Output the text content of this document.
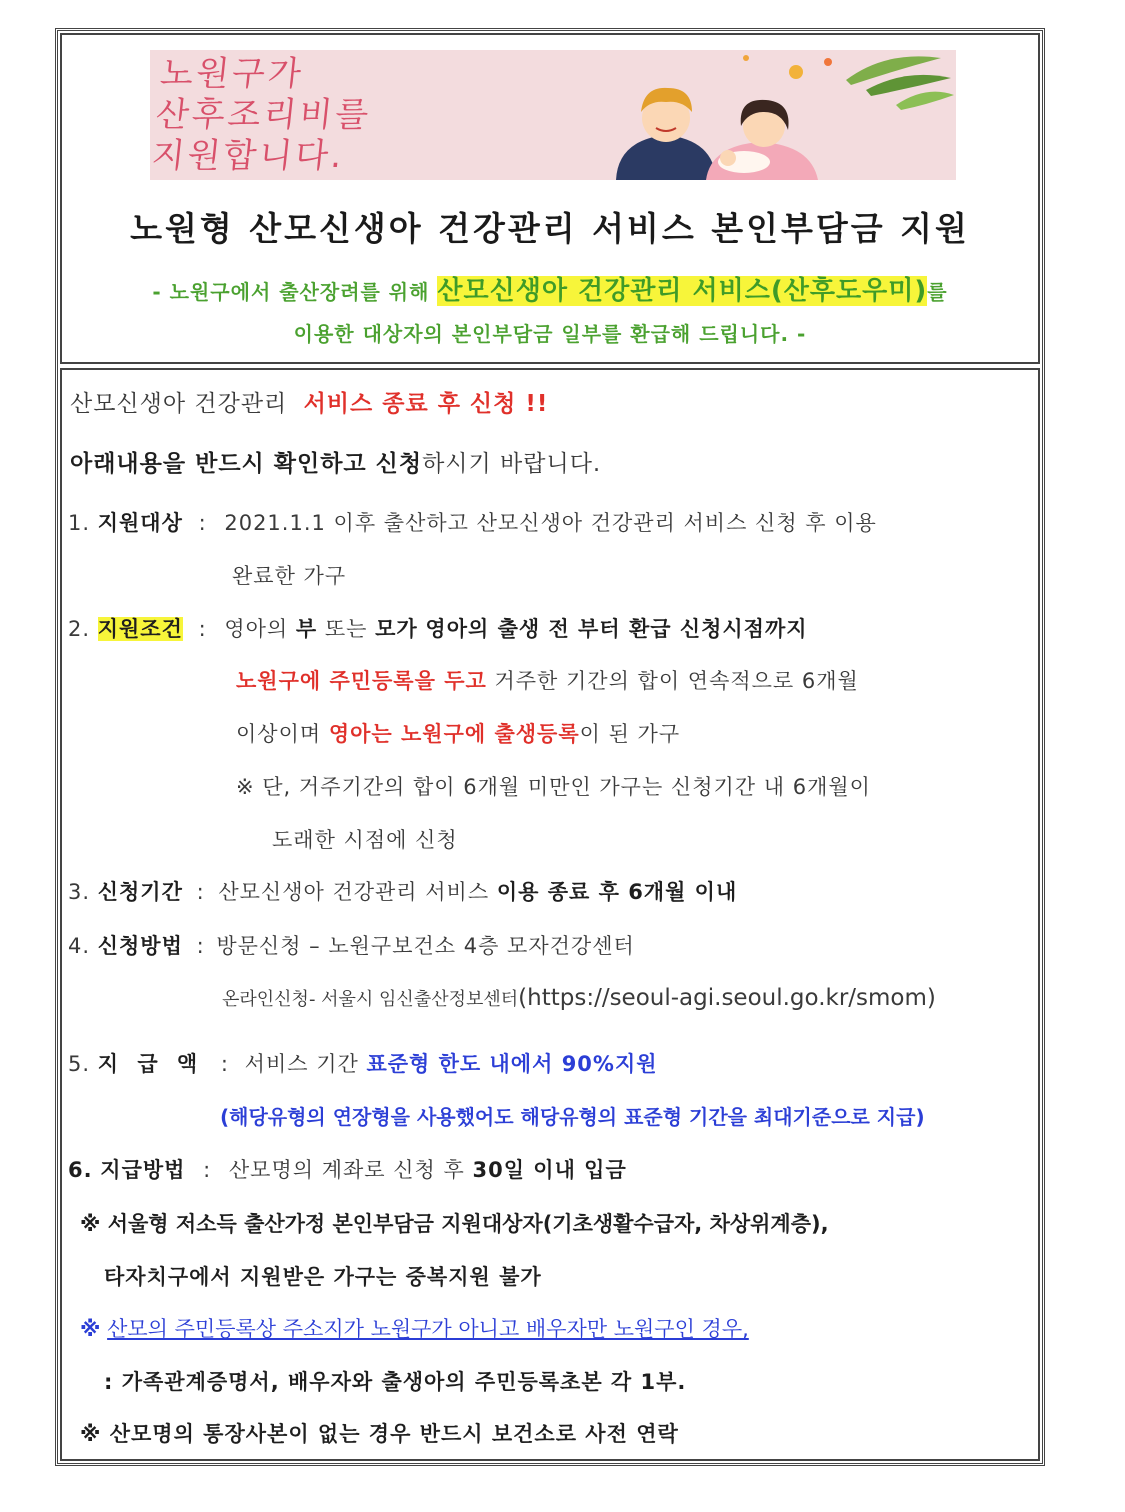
노원구가
산후조리비를
지원합니다.
노원형 산모신생아 건강관리 서비스 본인부담금 지원
- 노원구에서 출산장려를 위해 산모신생아 건강관리 서비스(산후도우미)를
이용한 대상자의 본인부담금 일부를 환급해 드립니다. -
산모신생아 건강관리 서비스 종료 후 신청 !!
아래내용을 반드시 확인하고 신청하시기 바랍니다.
1. 지원대상 : 2021.1.1 이후 출산하고 산모신생아 건강관리 서비스 신청 후 이용
완료한 가구
2. 지원조건 : 영아의 부 또는 모가 영아의 출생 전 부터 환급 신청시점까지
노원구에 주민등록을 두고 거주한 기간의 합이 연속적으로 6개월
이상이며 영아는 노원구에 출생등록이 된 가구
※ 단, 거주기간의 합이 6개월 미만인 가구는 신청기간 내 6개월이
도래한 시점에 신청
3. 신청기간 : 산모신생아 건강관리 서비스 이용 종료 후 6개월 이내
4. 신청방법 : 방문신청 – 노원구보건소 4층 모자건강센터
온라인신청- 서울시 임신출산정보센터(https://seoul-agi.seoul.go.kr/smom)
5. 지 급 액 : 서비스 기간 표준형 한도 내에서 90%지원
(해당유형의 연장형을 사용했어도 해당유형의 표준형 기간을 최대기준으로 지급)
6. 지급방법 : 산모명의 계좌로 신청 후 30일 이내 입금
※ 서울형 저소득 출산가정 본인부담금 지원대상자(기초생활수급자, 차상위계층),
타자치구에서 지원받은 가구는 중복지원 불가
※ 산모의 주민등록상 주소지가 노원구가 아니고 배우자만 노원구인 경우,
: 가족관계증명서, 배우자와 출생아의 주민등록초본 각 1부.
※ 산모명의 통장사본이 없는 경우 반드시 보건소로 사전 연락
